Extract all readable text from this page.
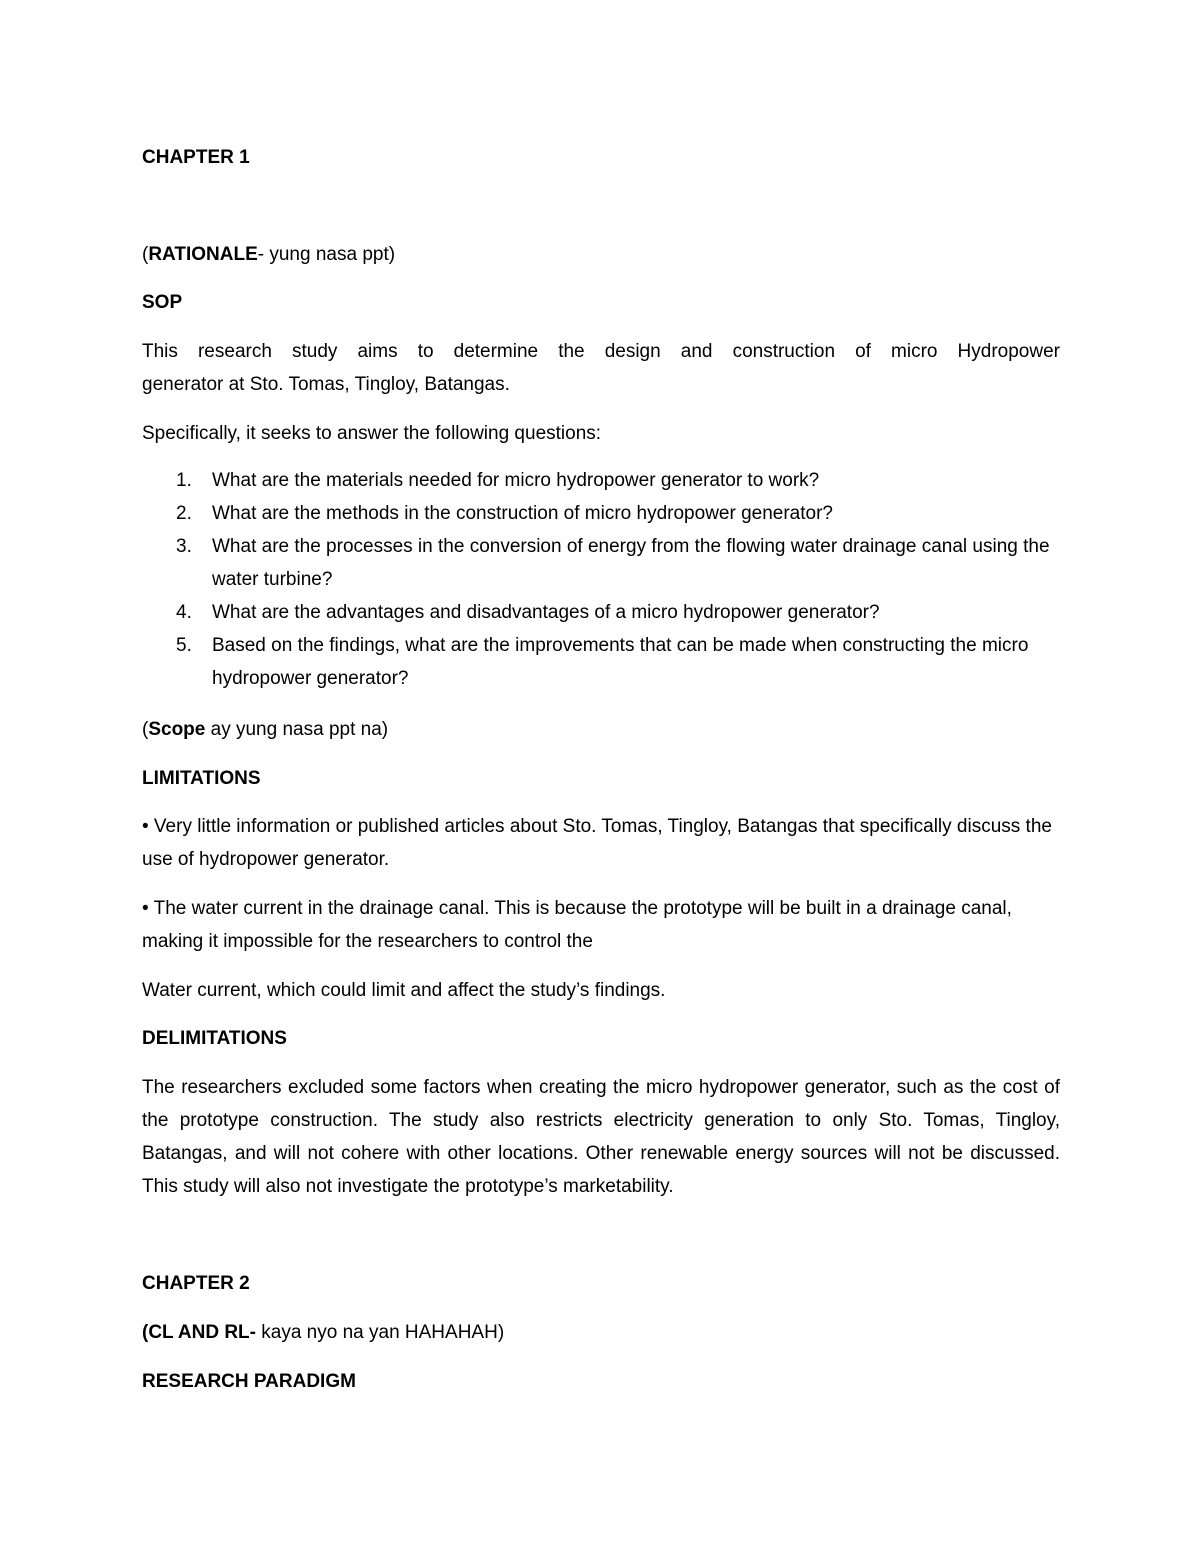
CHAPTER 1

(RATIONALE- yung nasa ppt)

SOP

This research study aims to determine the design and construction of micro Hydropower
generator at Sto. Tomas, Tingloy, Batangas.

Specifically, it seeks to answer the following questions:

1. What are the materials needed for micro hydropower generator to work?
2. What are the methods in the construction of micro hydropower generator?
3. What are the processes in the conversion of energy from the flowing water drainage canal using the water turbine?
4. What are the advantages and disadvantages of a micro hydropower generator?
5. Based on the findings, what are the improvements that can be made when constructing the micro hydropower generator?

(Scope ay yung nasa ppt na)

LIMITATIONS

• Very little information or published articles about Sto. Tomas, Tingloy, Batangas that specifically discuss the use of hydropower generator.

• The water current in the drainage canal. This is because the prototype will be built in a drainage canal, making it impossible for the researchers to control the

Water current, which could limit and affect the study’s findings.

DELIMITATIONS

The researchers excluded some factors when creating the micro hydropower generator, such as the cost of the prototype construction. The study also restricts electricity generation to only Sto. Tomas, Tingloy, Batangas, and will not cohere with other locations. Other renewable energy sources will not be discussed. This study will also not investigate the prototype’s marketability.

CHAPTER 2

(CL AND RL- kaya nyo na yan HAHAHAH)

RESEARCH PARADIGM
